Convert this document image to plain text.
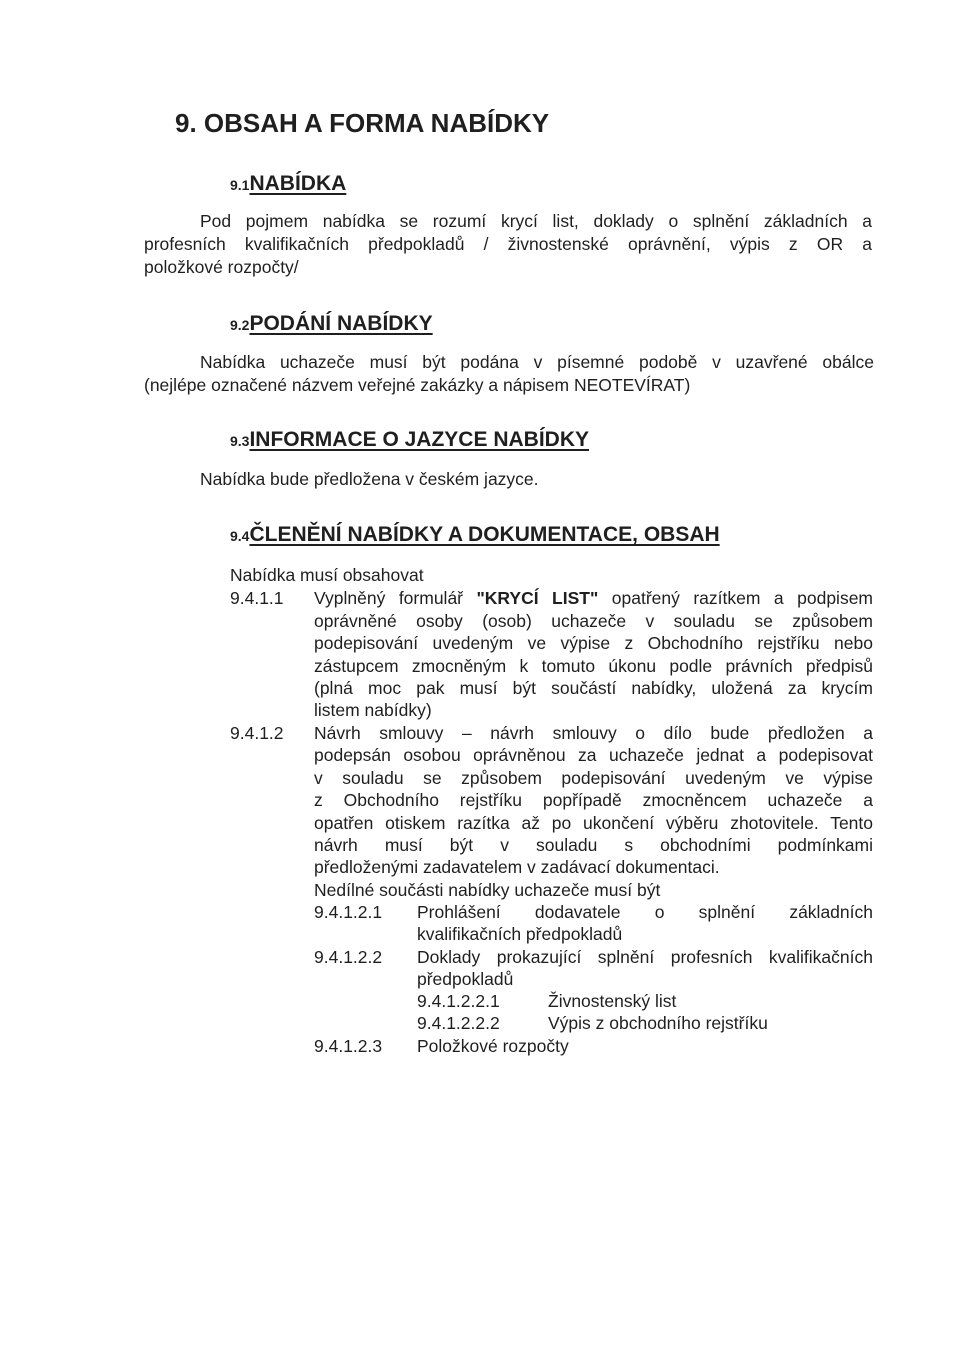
9. OBSAH A FORMA NABÍDKY
9.1NABÍDKA
Pod pojmem nabídka se rozumí krycí list, doklady o splnění základních a
profesních kvalifikačních předpokladů / živnostenské oprávnění, výpis z OR a
položkové rozpočty/
9.2PODÁNÍ NABÍDKY
Nabídka uchazeče musí být podána v písemné podobě v uzavřené obálce
(nejlépe označené názvem veřejné zakázky a nápisem NEOTEVÍRAT)
9.3INFORMACE O JAZYCE NABÍDKY
Nabídka bude předložena v českém jazyce.
9.4ČLENĚNÍ NABÍDKY A DOKUMENTACE, OBSAH
Nabídka musí obsahovat
9.4.1.1 Vyplněný formulář "KRYCÍ LIST" opatřený razítkem a podpisem
oprávněné osoby (osob) uchazeče v souladu se způsobem
podepisování uvedeným ve výpise z Obchodního rejstříku nebo
zástupcem zmocněným k tomuto úkonu podle právních předpisů
(plná moc pak musí být součástí nabídky, uložená za krycím
listem nabídky)
9.4.1.2 Návrh smlouvy – návrh smlouvy o dílo bude předložen a
podepsán osobou oprávněnou za uchazeče jednat a podepisovat
v souladu se způsobem podepisování uvedeným ve výpise
z Obchodního rejstříku popřípadě zmocněncem uchazeče a
opatřen otiskem razítka až po ukončení výběru zhotovitele. Tento
návrh musí být v souladu s obchodními podmínkami
předloženými zadavatelem v zadávací dokumentaci.
Nedílné součásti nabídky uchazeče musí být
9.4.1.2.1 Prohlášení dodavatele o splnění základních
kvalifikačních předpokladů
9.4.1.2.2 Doklady prokazující splnění profesních kvalifikačních
předpokladů
9.4.1.2.2.1	Živnostenský list
9.4.1.2.2.2	Výpis z obchodního rejstříku
9.4.1.2.3 Položkové rozpočty
